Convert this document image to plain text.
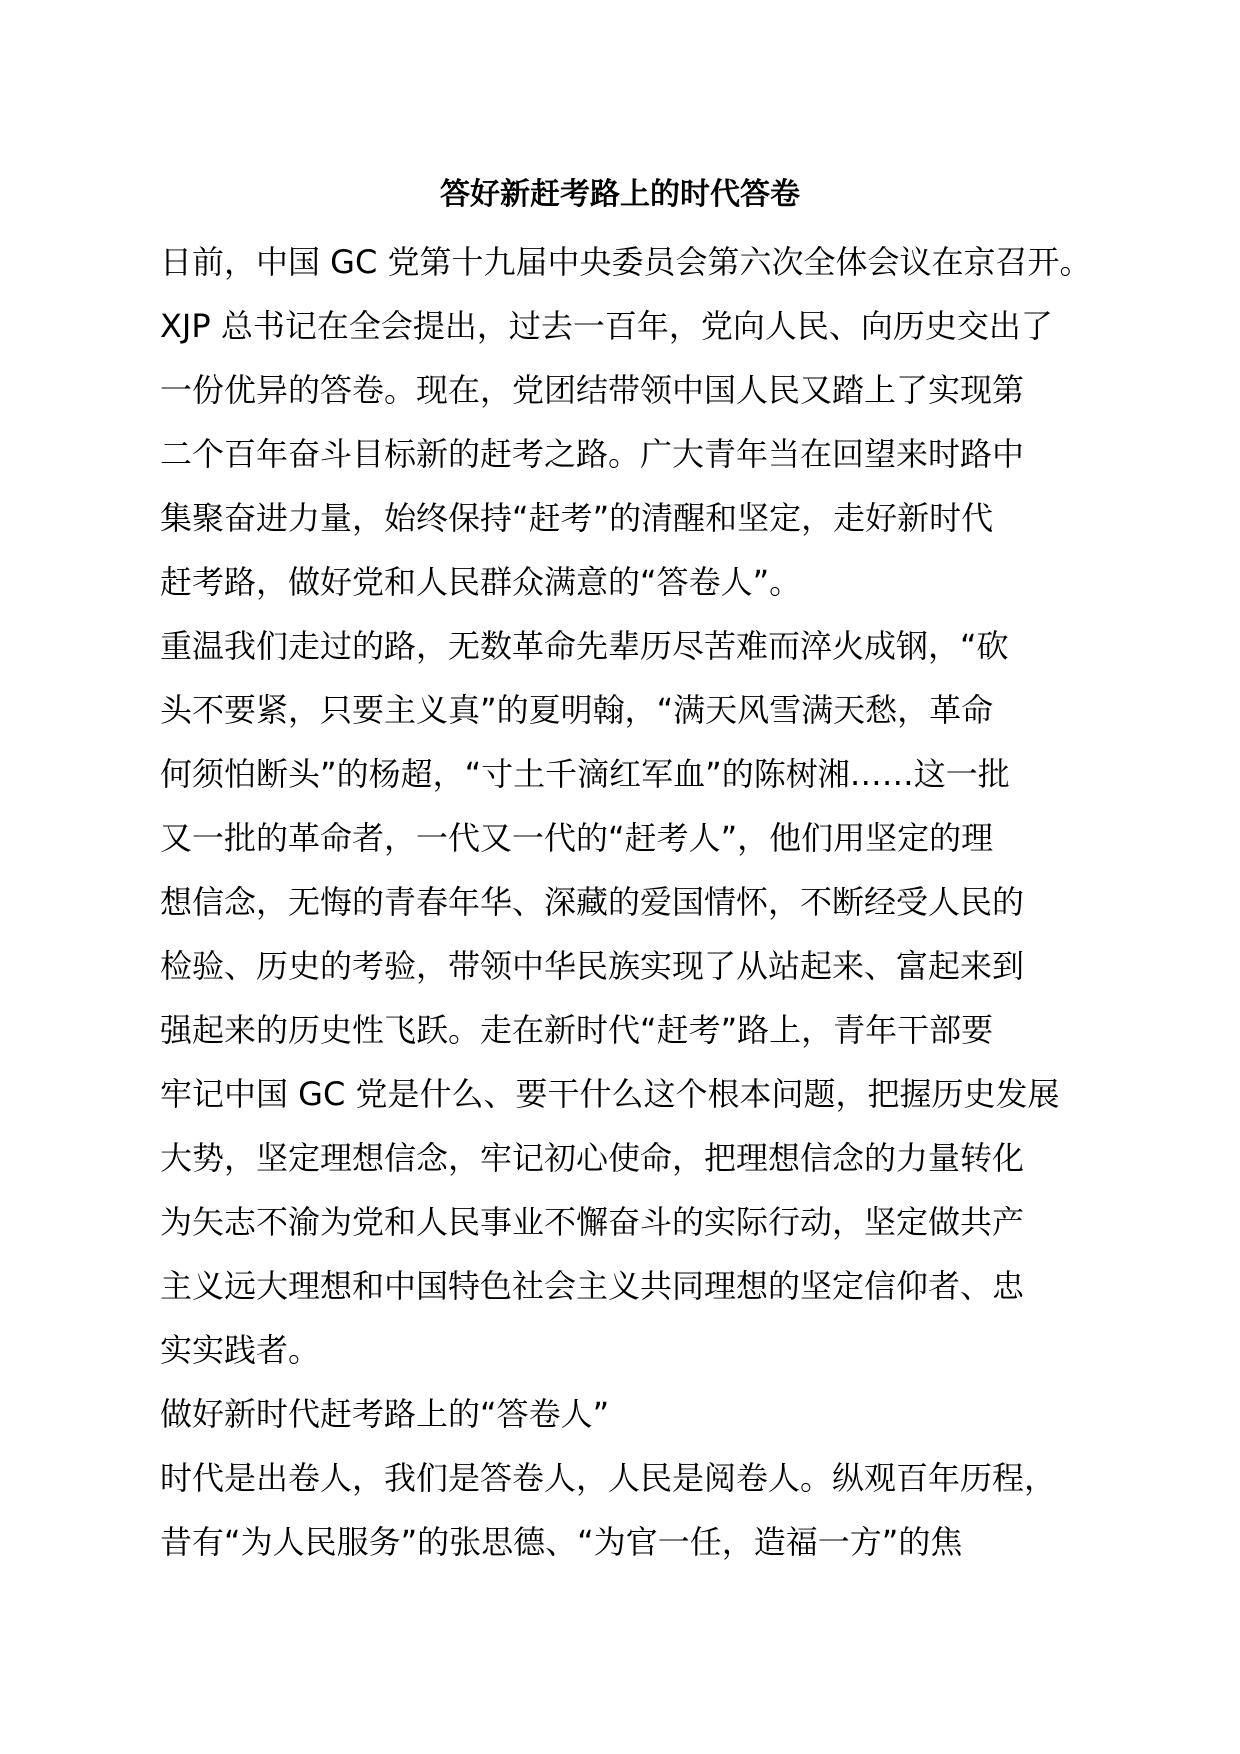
答好新赶考路上的时代答卷
日前，中国 GC 党第十九届中央委员会第六次全体会议在京召开。
XJP 总书记在全会提出，过去一百年，党向人民、向历史交出了
一份优异的答卷。现在，党团结带领中国人民又踏上了实现第
二个百年奋斗目标新的赶考之路。广大青年当在回望来时路中
集聚奋进力量，始终保持“赶考”的清醒和坚定，走好新时代
赶考路，做好党和人民群众满意的“答卷人”。
重温我们走过的路，无数革命先辈历尽苦难而淬火成钢，“砍
头不要紧，只要主义真”的夏明翰，“满天风雪满天愁，革命
何须怕断头”的杨超，“寸土千滴红军血”的陈树湘……这一批
又一批的革命者，一代又一代的“赶考人”，他们用坚定的理
想信念，无悔的青春年华、深藏的爱国情怀，不断经受人民的
检验、历史的考验，带领中华民族实现了从站起来、富起来到
强起来的历史性飞跃。走在新时代“赶考”路上，青年干部要
牢记中国 GC 党是什么、要干什么这个根本问题，把握历史发展
大势，坚定理想信念，牢记初心使命，把理想信念的力量转化
为矢志不渝为党和人民事业不懈奋斗的实际行动，坚定做共产
主义远大理想和中国特色社会主义共同理想的坚定信仰者、忠
实实践者。
做好新时代赶考路上的“答卷人”
时代是出卷人，我们是答卷人，人民是阅卷人。纵观百年历程，
昔有“为人民服务”的张思德、“为官一任，造福一方”的焦
